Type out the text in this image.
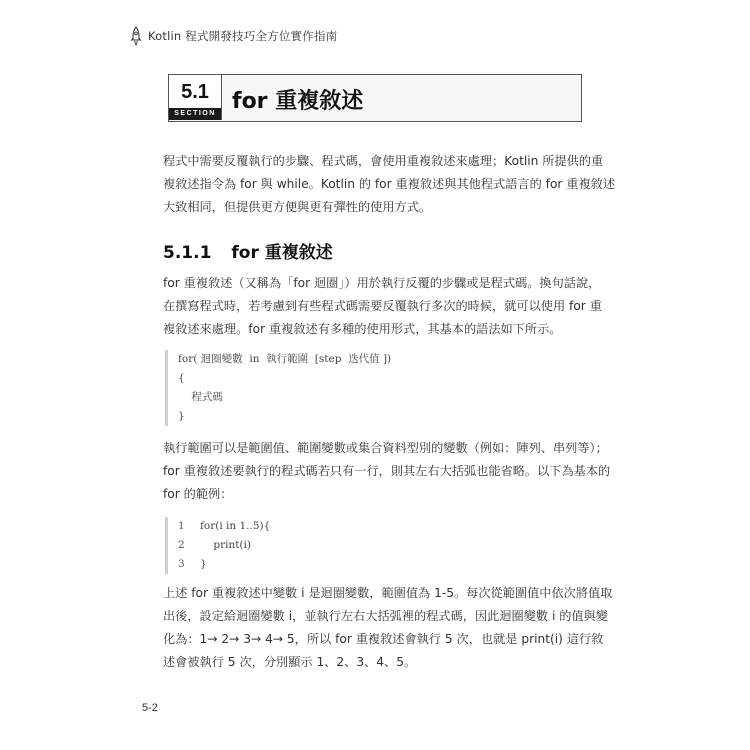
Kotlin 程式開發技巧全方位實作指南
5.1
SECTION for 重複敘述

程式中需要反覆執行的步驟、程式碼，會使用重複敘述來處理；Kotlin 所提供的重
複敘述指令為 for 與 while。Kotlin 的 for 重複敘述與其他程式語言的 for 重複敘述
大致相同，但提供更方便與更有彈性的使用方式。

5.1.1 for 重複敘述

for 重複敘述（又稱為「for 迴圈」）用於執行反覆的步驟或是程式碼。換句話說，
在撰寫程式時，若考慮到有些程式碼需要反覆執行多次的時候，就可以使用 for 重
複敘述來處理。for 重複敘述有多種的使用形式，其基本的語法如下所示。

for( 迴圈變數  in  執行範圍  [step  迭代值 ])
{
程式碼
}

執行範圍可以是範圍值、範圍變數或集合資料型別的變數（例如：陣列、串列等）；
for 重複敘述要執行的程式碼若只有一行，則其左右大括弧也能省略。以下為基本的
for 的範例：

1 for(i in 1..5){
2    print(i)
3 }

上述 for 重複敘述中變數 i 是迴圈變數，範圍值為 1-5。每次從範圍值中依次將值取
出後，設定給迴圈變數 i，並執行左右大括弧裡的程式碼，因此迴圈變數 i 的值與變
化為：1→ 2→ 3→ 4→ 5，所以 for 重複敘述會執行 5 次，也就是 print(i) 這行敘
述會被執行 5 次，分別顯示 1、2、3、4、5。

5-2
